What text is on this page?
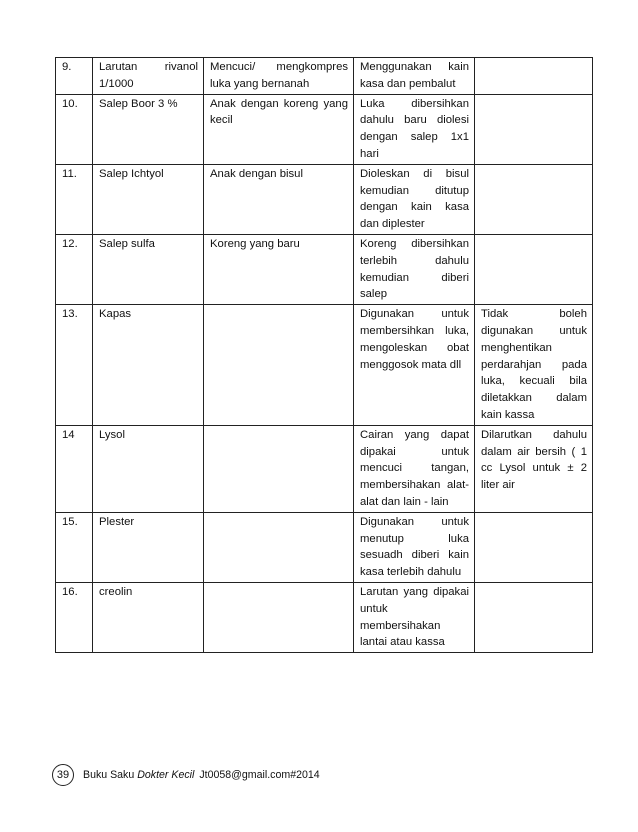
9.	Larutan rivanol 1/1000	Mencuci/ mengkompres luka yang bernanah	Menggunakan kain kasa dan pembalut	
10.	Salep Boor 3 %	Anak dengan koreng yang kecil	Luka dibersihkan dahulu baru diolesi dengan salep 1x1 hari	
11.	Salep Ichtyol	Anak dengan bisul	Dioleskan di bisul kemudian ditutup dengan kain kasa dan diplester	
12.	Salep sulfa	Koreng yang baru	Koreng dibersihkan terlebih dahulu kemudian diberi salep	
13.	Kapas		Digunakan untuk membersihkan luka, mengoleskan obat menggosok mata dll	Tidak boleh digunakan untuk menghentikan perdarahjan pada luka, kecuali bila diletakkan dalam kain kassa
14	Lysol		Cairan yang dapat dipakai untuk mencuci tangan, membersihakan alat-alat dan lain - lain	Dilarutkan dahulu dalam air bersih ( 1 cc Lysol untuk ± 2 liter air
15.	Plester		Digunakan untuk menutup luka sesuadh diberi kain kasa terlebih dahulu	
16.	creolin		Larutan yang dipakai untuk membersihakan lantai atau kassa	
39	Buku Saku Dokter Kecil Jt0058@gmail.com#2014
